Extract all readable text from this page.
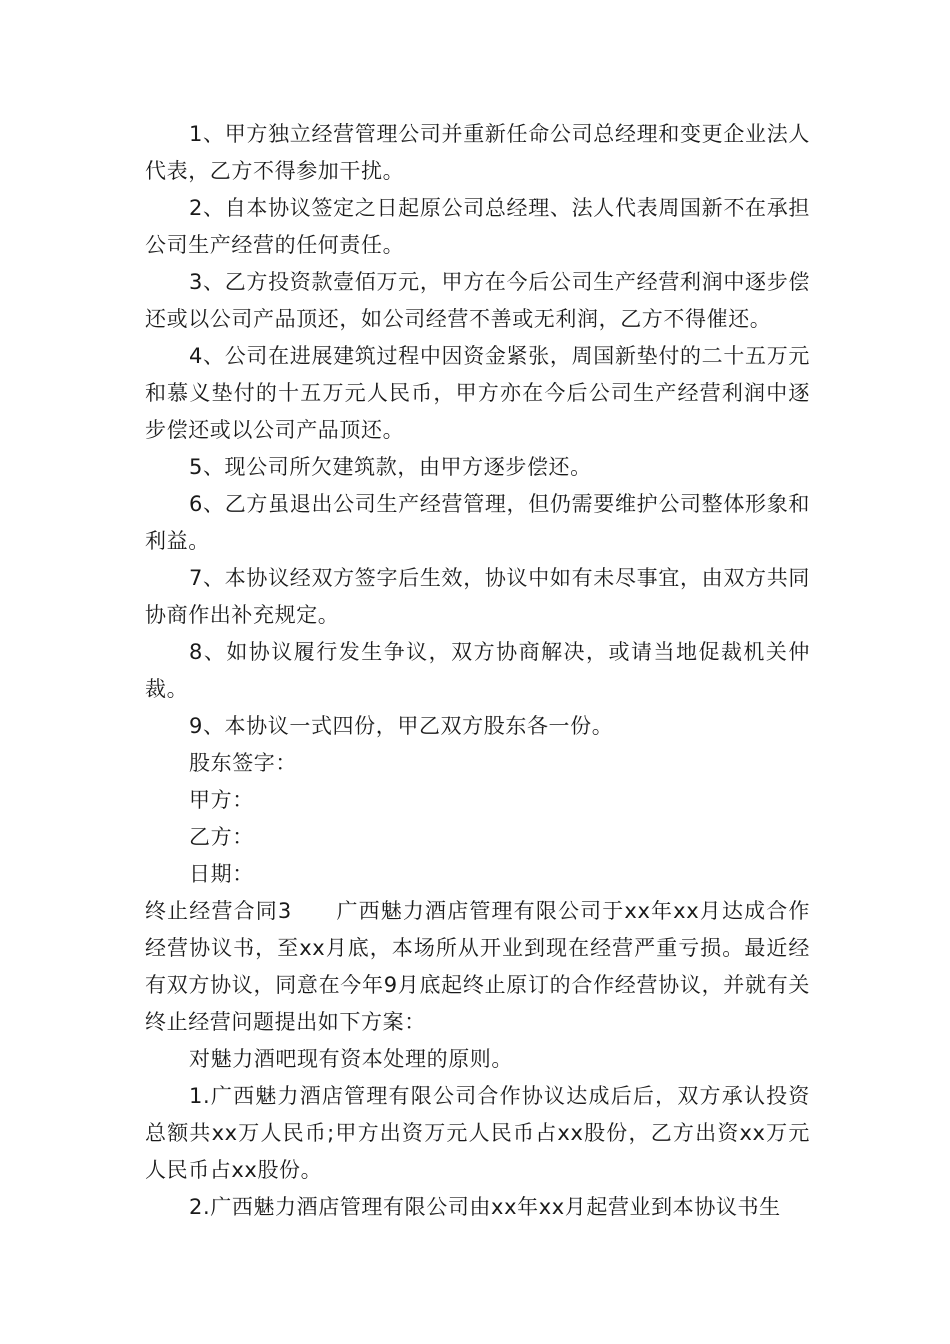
1、甲方独立经营管理公司并重新任命公司总经理和变更企业法人代表，乙方不得参加干扰。

2、自本协议签定之日起原公司总经理、法人代表周国新不在承担公司生产经营的任何责任。

3、乙方投资款壹佰万元，甲方在今后公司生产经营利润中逐步偿还或以公司产品顶还，如公司经营不善或无利润，乙方不得催还。

4、公司在进展建筑过程中因资金紧张，周国新垫付的二十五万元和慕义垫付的十五万元人民币，甲方亦在今后公司生产经营利润中逐步偿还或以公司产品顶还。

5、现公司所欠建筑款，由甲方逐步偿还。

6、乙方虽退出公司生产经营管理，但仍需要维护公司整体形象和利益。

7、本协议经双方签字后生效，协议中如有未尽事宜，由双方共同协商作出补充规定。

8、如协议履行发生争议，双方协商解决，或请当地促裁机关仲裁。

9、本协议一式四份，甲乙双方股东各一份。

股东签字：

甲方：

乙方：

日期：

终止经营合同3 广西魅力酒店管理有限公司于xx年xx月达成合作经营协议书，至xx月底，本场所从开业到现在经营严重亏损。最近经有双方协议，同意在今年9月底起终止原订的合作经营协议，并就有关终止经营问题提出如下方案：

对魅力酒吧现有资本处理的原则。

1.广西魅力酒店管理有限公司合作协议达成后后，双方承认投资总额共xx万人民币;甲方出资万元人民币占xx股份，乙方出资xx万元人民币占xx股份。

2.广西魅力酒店管理有限公司由xx年xx月起营业到本协议书生
